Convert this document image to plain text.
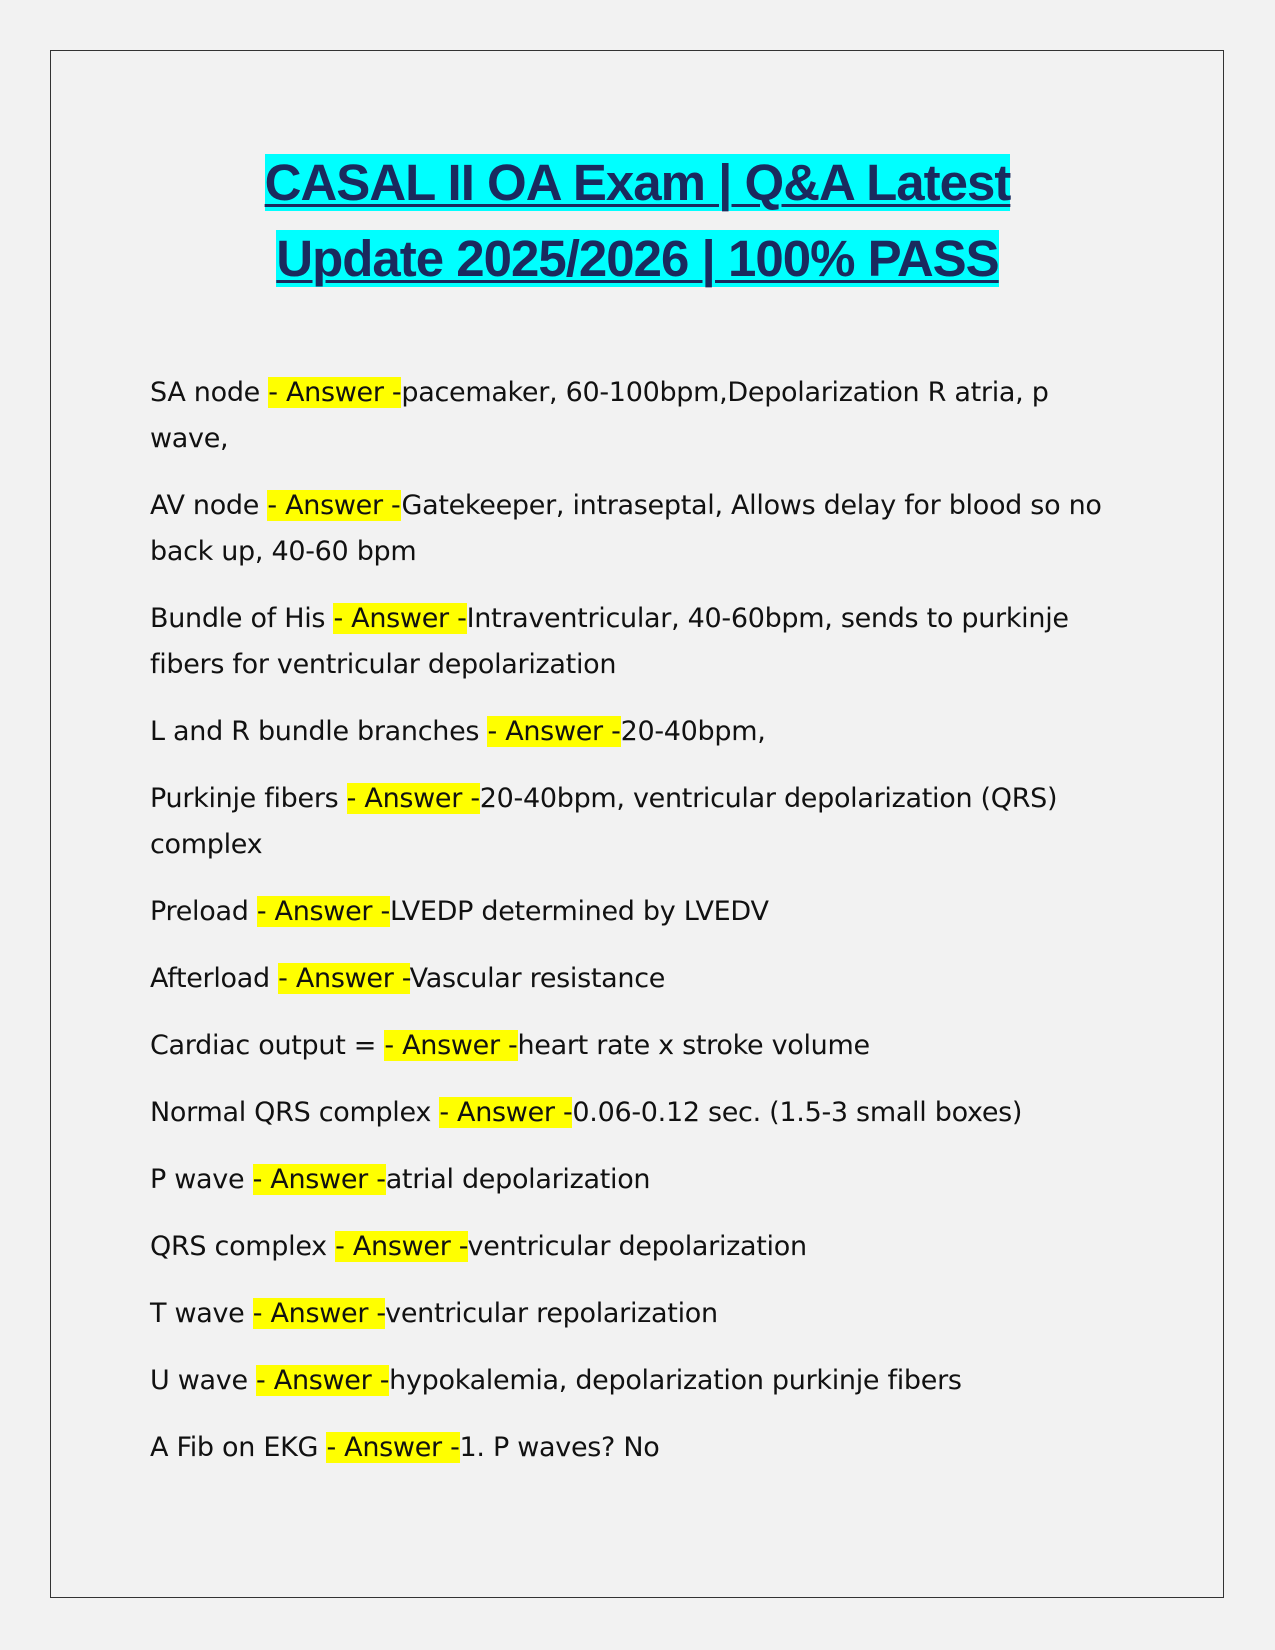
CASAL II OA Exam | Q&A Latest
Update 2025/2026 | 100% PASS
SA node - Answer -pacemaker, 60-100bpm,Depolarization R atria, p wave,
AV node - Answer -Gatekeeper, intraseptal, Allows delay for blood so no back up, 40-60 bpm
Bundle of His - Answer -Intraventricular, 40-60bpm, sends to purkinje fibers for ventricular depolarization
L and R bundle branches - Answer -20-40bpm,
Purkinje fibers - Answer -20-40bpm, ventricular depolarization (QRS) complex
Preload - Answer -LVEDP determined by LVEDV
Afterload - Answer -Vascular resistance
Cardiac output = - Answer -heart rate x stroke volume
Normal QRS complex - Answer -0.06-0.12 sec. (1.5-3 small boxes)
P wave - Answer -atrial depolarization
QRS complex - Answer -ventricular depolarization
T wave - Answer -ventricular repolarization
U wave - Answer -hypokalemia, depolarization purkinje fibers
A Fib on EKG - Answer -1. P waves? No
